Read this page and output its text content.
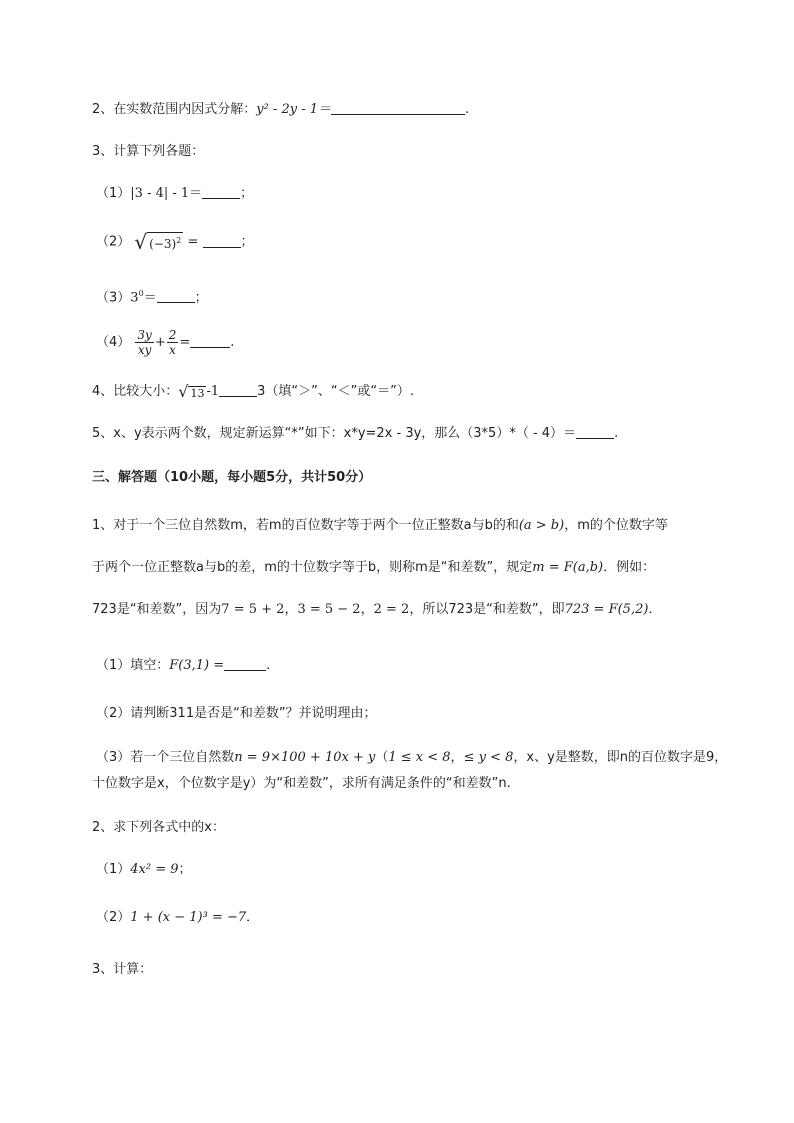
2、在实数范围内因式分解：y² - 2y - 1＝	.
3、计算下列各题：
（1）|3 - 4| - 1＝	；
（2） √ $(-3)^2$ =	；
$(3)3^0=$	；
$(4) \frac{3y}{xy} + \frac{2}{x}$ =	.
4、比较大小： √ 13 -1	3（填“＞”、“＜”或“＝”）.
5、x、y表示两个数，规定新运算“*”如下：x*y=2x - 3y，那么（3*5）*（ - 4）＝	.
三、解答题（10小题，每小题5分，共计50分）
1、对于一个三位自然数m，若m的百位数字等于两个一位正整数a与b的和(a > b)，m的个位数字等
于两个一位正整数a与b的差，m的十位数字等于b，则称m是“和差数”，规定m = F(a,b)．例如：
723是“和差数”，因为7 = 5 + 2，3 = 5 − 2，2 = 2，所以723是“和差数”，即723 = F(5,2)．
（1）填空：F(3,1) =	.
（2）请判断311是否是“和差数”？并说明理由；
（3）若一个三位自然数n = 9×100 + 10x + y（1 ≤ x < 8，≤ y < 8，x、y是整数，即n的百位数字是9，
十位数字是x，个位数字是y）为“和差数”，求所有满足条件的“和差数”n.
2、求下列各式中的x：
（1）4x² = 9；
（2）1 + (x − 1)³ = −7．
3、计算：
